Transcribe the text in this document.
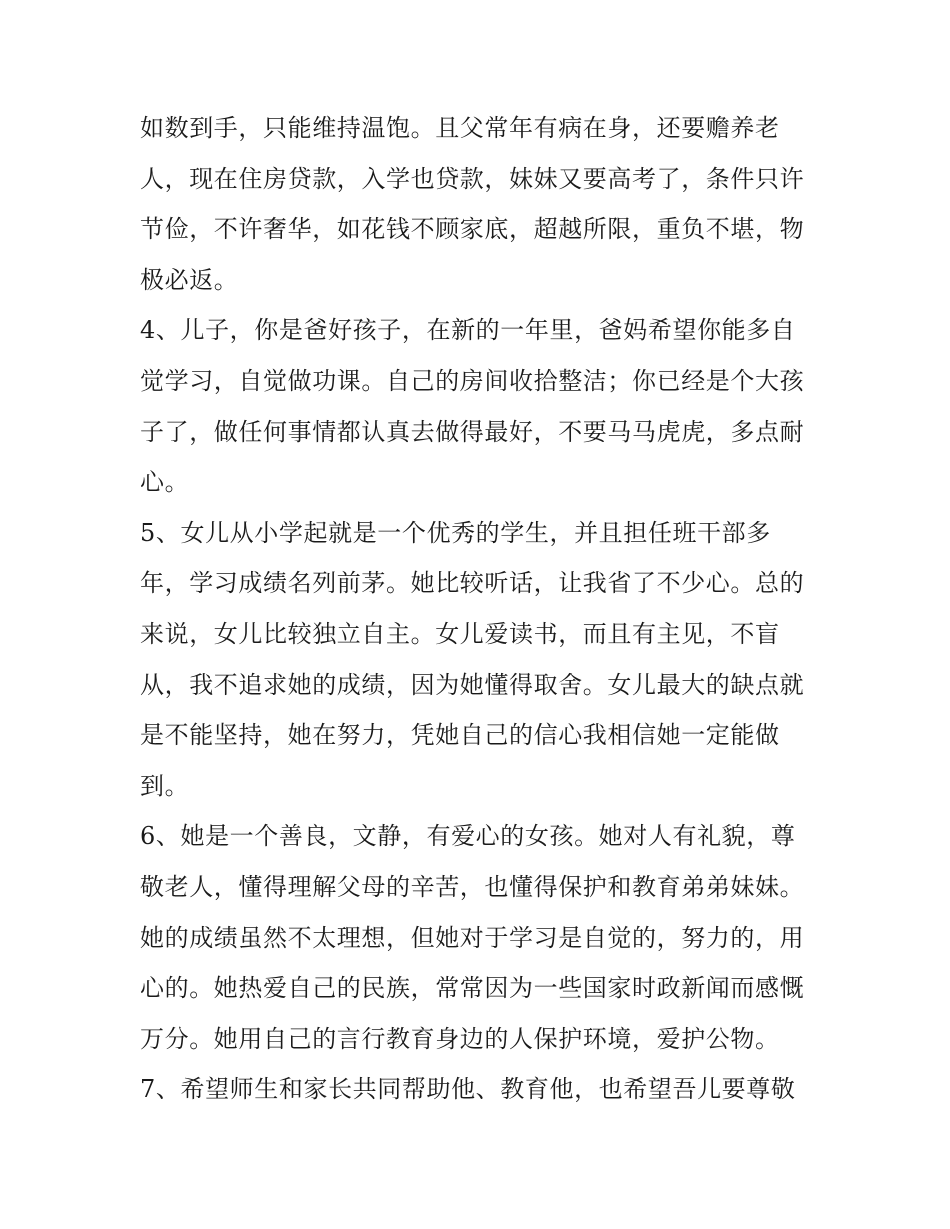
如数到手，只能维持温饱。且父常年有病在身，还要赡养老
人，现在住房贷款，入学也贷款，妹妹又要高考了，条件只许
节俭，不许奢华，如花钱不顾家底，超越所限，重负不堪，物
极必返。
4、儿子，你是爸好孩子，在新的一年里，爸妈希望你能多自
觉学习，自觉做功课。自己的房间收拾整洁；你已经是个大孩
子了，做任何事情都认真去做得最好，不要马马虎虎，多点耐
心。
5、女儿从小学起就是一个优秀的学生，并且担任班干部多
年，学习成绩名列前茅。她比较听话，让我省了不少心。总的
来说，女儿比较独立自主。女儿爱读书，而且有主见，不盲
从，我不追求她的成绩，因为她懂得取舍。女儿最大的缺点就
是不能坚持，她在努力，凭她自己的信心我相信她一定能做
到。
6、她是一个善良，文静，有爱心的女孩。她对人有礼貌，尊
敬老人，懂得理解父母的辛苦，也懂得保护和教育弟弟妹妹。
她的成绩虽然不太理想，但她对于学习是自觉的，努力的，用
心的。她热爱自己的民族，常常因为一些国家时政新闻而感慨
万分。她用自己的言行教育身边的人保护环境，爱护公物。
7、希望师生和家长共同帮助他、教育他，也希望吾儿要尊敬
